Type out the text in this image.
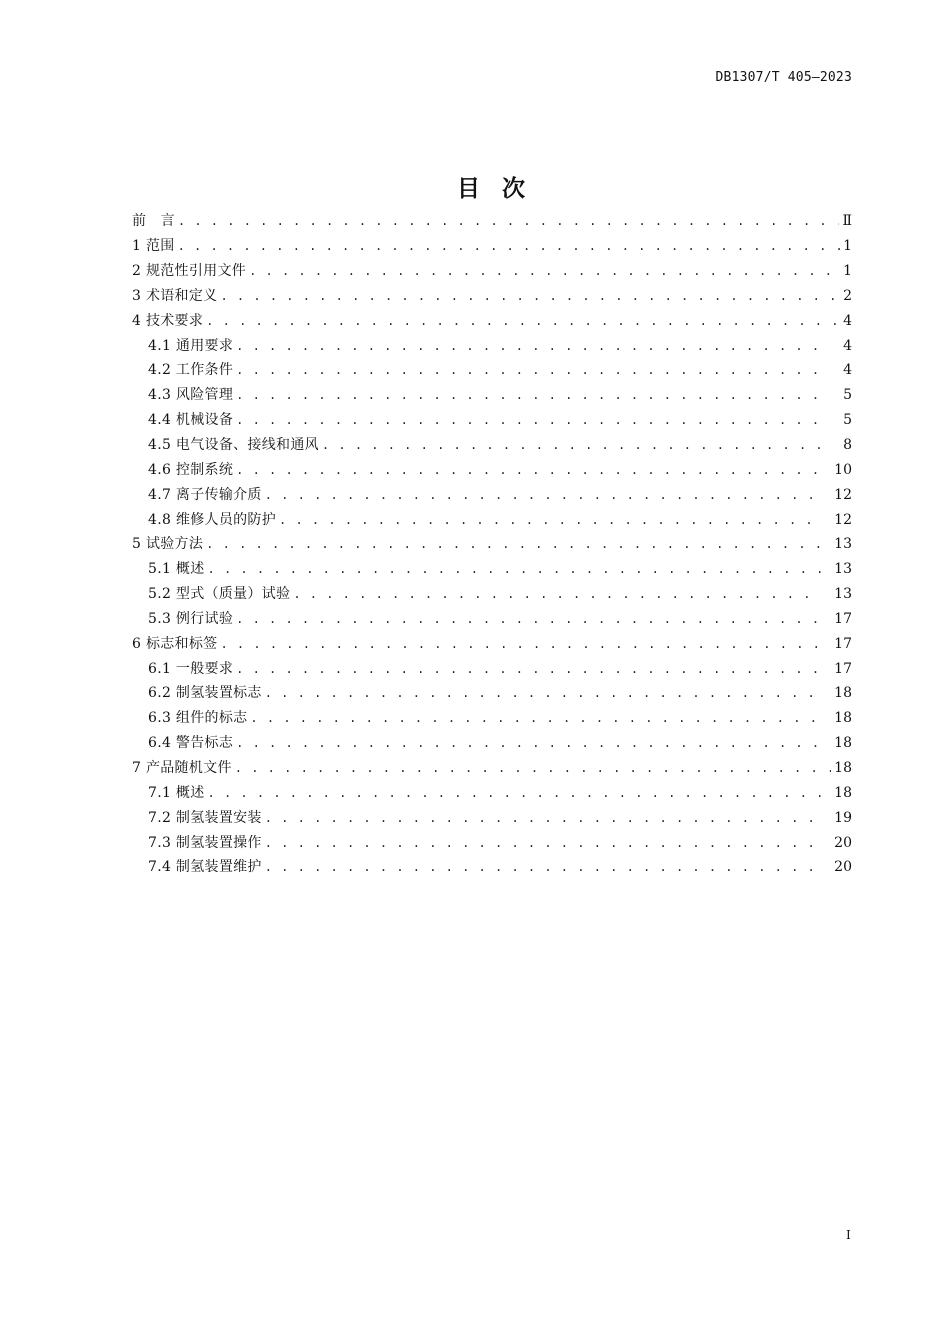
DB1307/T 405—2023
目 次
前　言 . . .	Ⅱ
1 范围 . . .	1
2 规范性引用文件 . . .	1
3 术语和定义 . . .	2
4 技术要求 . . .	4
4.1 通用要求 . . .	4
4.2 工作条件 . . .	4
4.3 风险管理 . . .	5
4.4 机械设备 . . .	5
4.5 电气设备、接线和通风 . . .	8
4.6 控制系统 . . .	10
4.7 离子传输介质 . . .	12
4.8 维修人员的防护 . . .	12
5 试验方法 . . .	13
5.1 概述 . . .	13
5.2 型式（质量）试验 . . .	13
5.3 例行试验 . . .	17
6 标志和标签 . . .	17
6.1 一般要求 . . .	17
6.2 制氢装置标志 . . .	18
6.3 组件的标志 . . .	18
6.4 警告标志 . . .	18
7 产品随机文件 . . .	18
7.1 概述 . . .	18
7.2 制氢装置安装 . . .	19
7.3 制氢装置操作 . . .	20
7.4 制氢装置维护 . . .	20
I
